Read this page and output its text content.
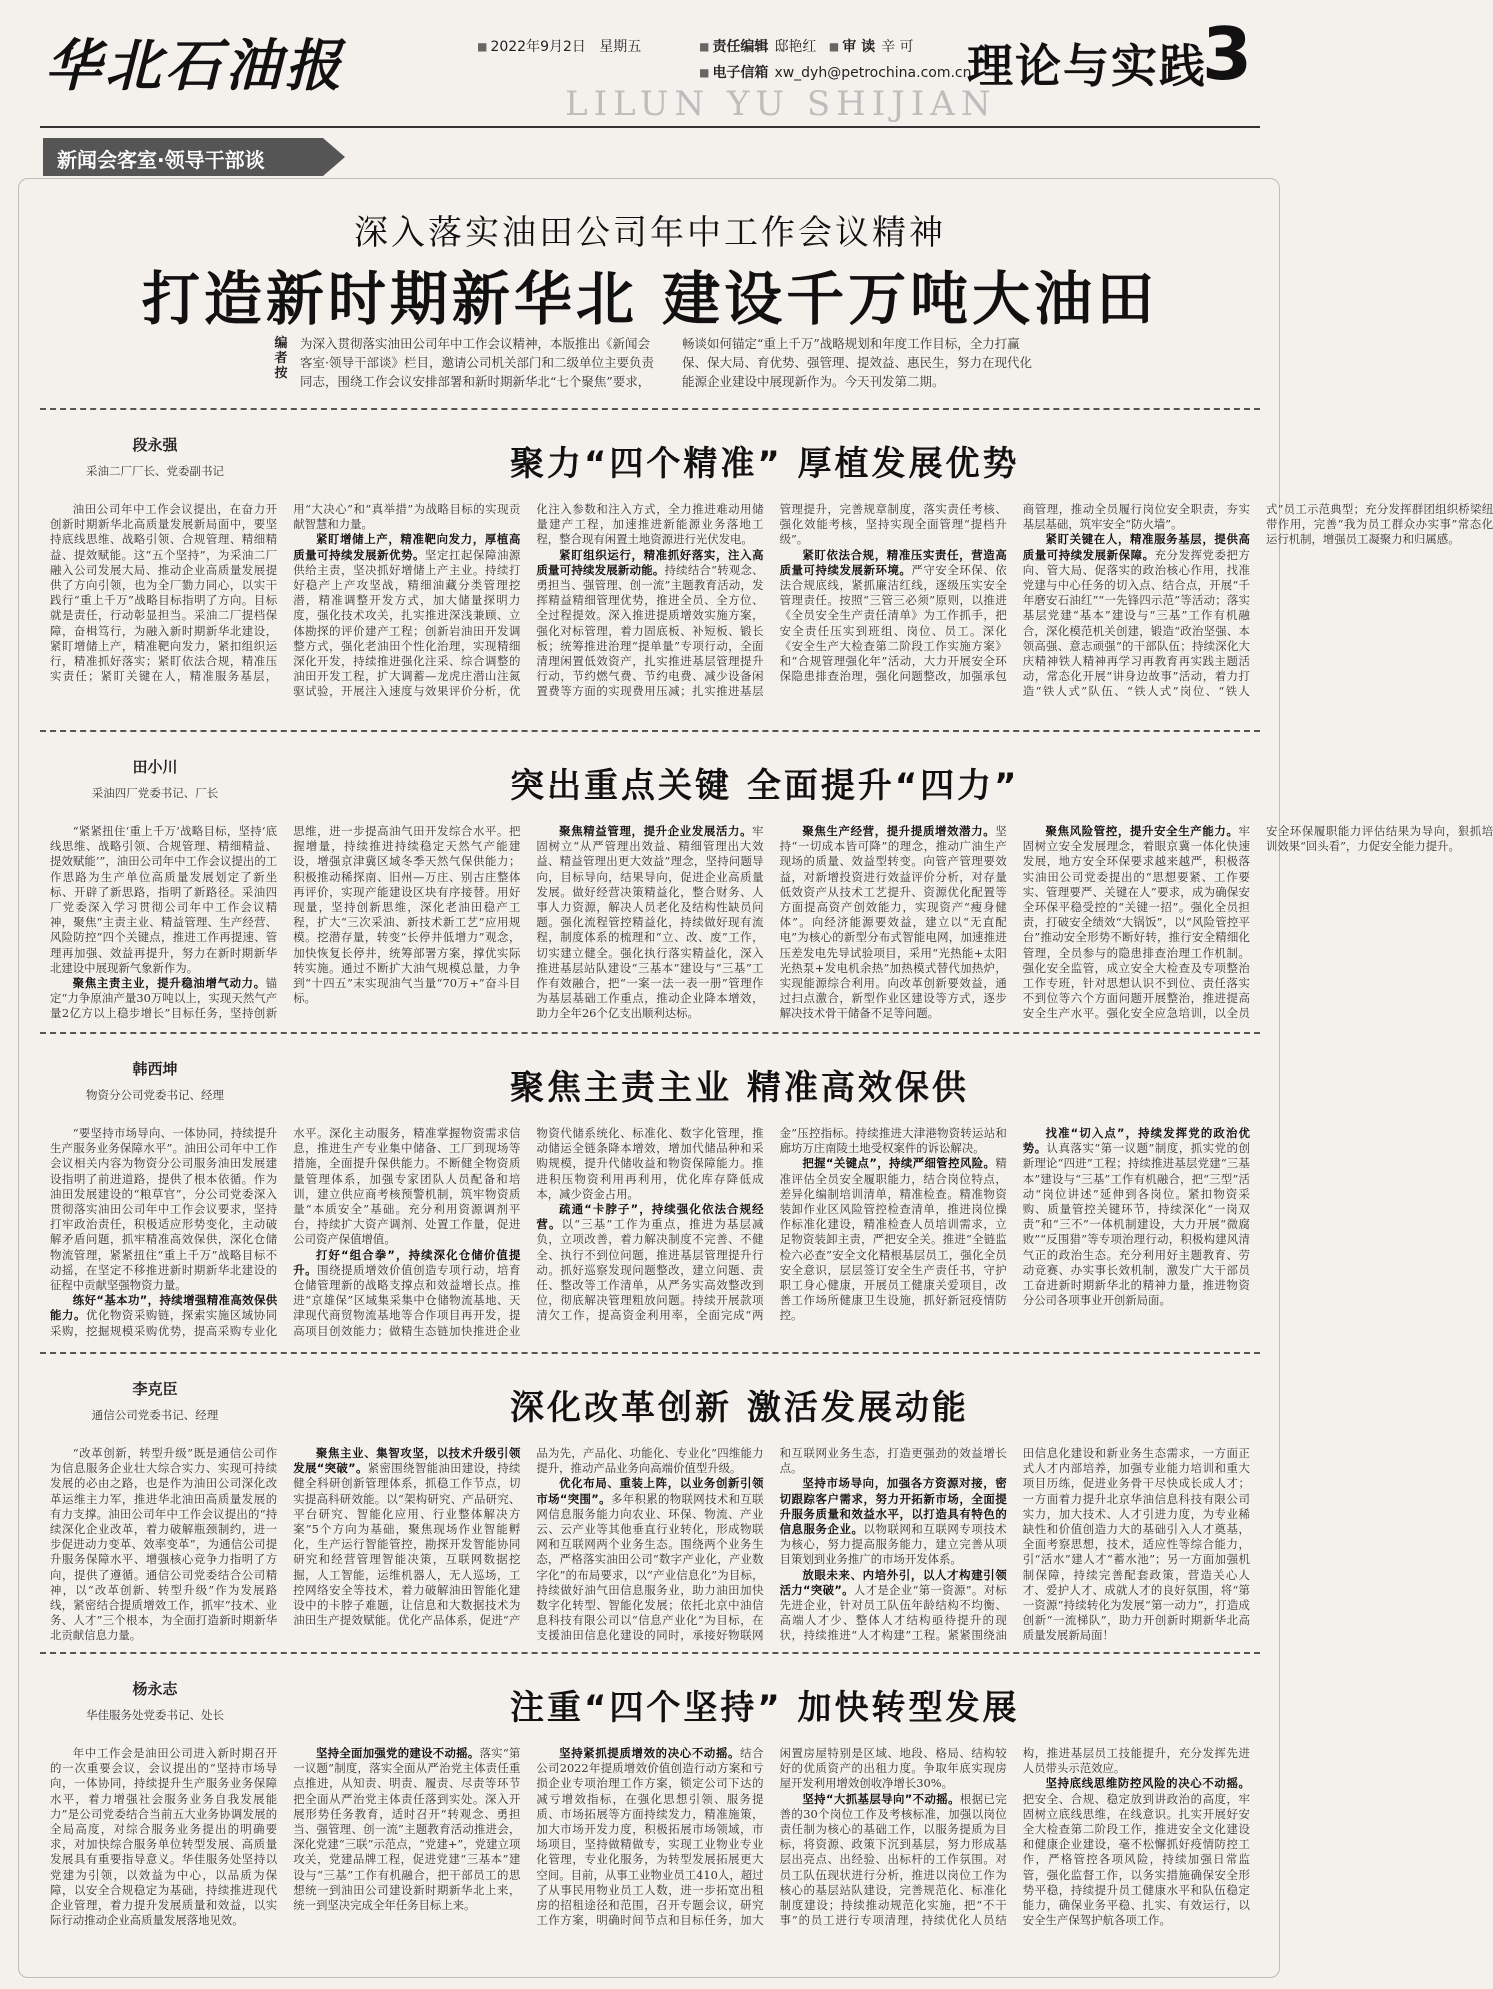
华北石油报	■ 2022年9月2日 星期五	■ 责任编辑 邸艳红 ■ 审 读 辛 可
■ 电子信箱 xw_dyh@petrochina.com.cn
理论与实践
3
LILUN YU SHIJIAN
新闻会客室·领导干部谈
深入落实油田公司年中工作会议精神
打造新时期新华北 建设千万吨大油田
编者按
为深入贯彻落实油田公司年中工作会议精神，本版推出《新闻会客室·领导干部谈》栏目，邀请公司机关部门和二级单位主要负责同志，围绕工作会议安排部署和新时期新华北“七个聚焦”要求，畅谈如何锚定“重上千万”战略规划和年度工作目标，全力打赢保、保大局、育优势、强管理、提效益、惠民生，努力在现代化能源企业建设中展现新作为。今天刊发第二期。
段永强
采油二厂厂长、党委副书记	聚力“四个精准” 厚植发展优势

油田公司年中工作会议提出，在奋力开创新时期新华北高质量发展新局面中，要坚持底线思维、战略引领、合规管理、精细精益、提效赋能。这“五个坚持”，为采油二厂融入公司发展大局、推动企业高质量发展提供了方向引领，也为全厂勠力同心，以实干践行“重上千万”战略目标指明了方向。目标就是责任，行动彰显担当。采油二厂提档保障，奋楫笃行，为融入新时期新华北建设，紧盯增储上产，精准靶向发力，紧扣组织运行，精准抓好落实；紧盯依法合规，精准压实责任；紧盯关键在人，精准服务基层，用“大决心”和“真举措”为战略目标的实现贡献智慧和力量。

紧盯增储上产，精准靶向发力，厚植高质量可持续发展新优势。坚定扛起保障油源供给主责，坚决抓好增储上产主业。持续打好稳产上产攻坚战，精细油藏分类管理挖潜，精准调整开发方式，加大储量探明力度，强化技术攻关，扎实推进深浅兼顾、立体勘探的评价建产工程；创新岩油田开发调整方式，强化老油田个性化治理，实现精细深化开发，持续推进强化注采、综合调整的油田开发工程，扩大调蓄—龙虎庄潜山注氮驱试验，开展注入速度与效果评价分析，优化注入参数和注入方式，全力推进难动用储量建产工程，加速推进新能源业务落地工程，整合现有闲置土地资源进行光伏发电。

紧盯组织运行，精准抓好落实，注入高质量可持续发展新动能。持续结合“转观念、勇担当、强管理、创一流”主题教育活动，发挥精益精细管理优势，推进全员、全方位、全过程提效。深入推进提质增效实施方案，强化对标管理，着力固底板、补短板、锻长板；统筹推进治理“提单量”专项行动，全面清理闲置低效资产，扎实推进基层管理提升行动，节约燃气费、节约电费、减少设备闲置费等方面的实现费用压减；扎实推进基层管理提升，完善规章制度，落实责任考核、强化效能考核，坚持实现全面管理“提档升级”。

紧盯依法合规，精准压实责任，营造高质量可持续发展新环境。严守安全环保、依法合规底线，紧抓廉洁红线，逐级压实安全管理责任。按照“三管三必须”原则，以推进《全员安全生产责任清单》为工作抓手，把安全责任压实到班组、岗位、员工。深化《安全生产大检查第二阶段工作实施方案》和“合规管理强化年”活动，大力开展安全环保隐患排查治理，强化问题整改，加强承包商管理，推动全员履行岗位安全职责，夯实基层基础，筑牢安全“防火墙”。

紧盯关键在人，精准服务基层，提供高质量可持续发展新保障。充分发挥党委把方向、管大局、促落实的政治核心作用，找准党建与中心任务的切入点、结合点，开展“千年磨安石油红”“一先锋四示范”等活动；落实基层党建“基本”建设与“三基”工作有机融合，深化模范机关创建，锻造“政治坚强、本领高强、意志顽强”的干部队伍；持续深化大庆精神铁人精神再学习再教育再实践主题活动，常态化开展“讲身边故事”活动，着力打造“铁人式”队伍、“铁人式”岗位、“铁人式”员工示范典型；充分发挥群团组织桥梁纽带作用，完善“我为员工群众办实事”常态化运行机制，增强员工凝聚力和归属感。

田小川
采油四厂党委书记、厂长	突出重点关键 全面提升“四力”

“紧紧扭住‘重上千万’战略目标，坚持‘底线思维、战略引领、合规管理、精细精益、提效赋能’”，油田公司年中工作会议提出的工作思路为生产单位高质量发展划定了新坐标、开辟了新思路，指明了新路径。采油四厂党委深入学习贯彻公司年中工作会议精神，聚焦“主责主业、精益管理、生产经营、风险防控”四个关键点，推进工作再提速、管理再加强、效益再提升，努力在新时期新华北建设中展现新气象新作为。

聚焦主责主业，提升稳油增气动力。锚定“力争原油产量30万吨以上，实现天然气产量2亿方以上稳步增长”目标任务，坚持创新思维，进一步提高油气田开发综合水平。把握增量，持续推进持续稳定天然气产能建设，增强京津冀区域冬季天然气保供能力；积极推动稀探南、旧州—万庄、别古庄整体再评价，实现产能建设区块有序接替。用好现量，坚持创新思维，深化老油田稳产工程，扩大“三次采油、新技术新工艺”应用规模。挖潜存量，转变“长停井低增力”观念，加快恢复长停井，统筹部署方案，撑优实际转实施。通过不断扩大油气规模总量，力争到“十四五”末实现油气当量“70万+”奋斗目标。

聚焦精益管理，提升企业发展活力。牢固树立“从严管理出效益、精细管理出大效益、精益管理出更大效益”理念，坚持问题导向，目标导向，结果导向，促进企业高质量发展。做好经营决策精益化，整合财务、人事人力资源，解决人员老化及结构性缺员问题。强化流程管控精益化，持续做好现有流程，制度体系的梳理和“立、改、废”工作，切实建立健全。强化执行落实精益化，深入推进基层站队建设“三基本”建设与“三基”工作有效融合，把“一案一法一表一册”管理作为基层基础工作重点，推动企业降本增效，助力全年26个亿支出顺利达标。

聚焦生产经营，提升提质增效潜力。坚持“一切成本皆可降”的理念，推动广油生产现场的质量、效益型转变。向管产管理要效益，对新增投资进行效益评价分析，对存量低效资产从技术工艺提升、资源优化配置等方面提高资产创效能力，实现资产“瘦身健体”。向经济能源要效益，建立以“无直配电”为核心的新型分布式智能电网，加速推进压差发电先导试验项目，采用“光热能+太阳光热泵+发电机余热”加热模式替代加热炉，实现能源综合利用。向改革创新要效益，通过扫点激合，新型作业区建设等方式，逐步解决技术骨干储备不足等问题。

聚焦风险管控，提升安全生产能力。牢固树立安全发展理念，着眼京冀一体化快速发展，地方安全环保要求越来越严，积极落实油田公司党委提出的“思想要紧、工作要实、管理要严、关键在人”要求，成为确保安全环保平稳受控的“关键一招”。强化全员担责，打破安全绩效“大锅饭”，以“风险管控平台”推动安全形势不断好转，推行安全精细化管理，全员参与的隐患排查治理工作机制。强化安全监管，成立安全大检查及专项整治工作专班，针对思想认识不到位、责任落实不到位等六个方面问题开展整治，推进提高安全生产水平。强化安全应急培训，以全员安全环保履职能力评估结果为导向，狠抓培训效果“回头看”，力促安全能力提升。

韩西坤
物资分公司党委书记、经理	聚焦主责主业 精准高效保供

“要坚持市场导向、一体协同，持续提升生产服务业务保障水平”。油田公司年中工作会议相关内容为物资分公司服务油田发展建设指明了前进道路，提供了根本依循。作为油田发展建设的“粮草官”，分公司党委深入贯彻落实油田公司年中工作会议要求，坚持打牢政治责任，积极适应形势变化，主动破解矛盾问题，抓牢精准高效保供，深化仓储物流管理，紧紧扭住“重上千万”战略目标不动摇，在坚定不移推进新时期新华北建设的征程中贡献坚强物资力量。

练好“基本功”，持续增强精准高效保供能力。优化物资采购链，探索实施区域协同采购，挖掘规模采购优势，提高采购专业化水平。深化主动服务，精准掌握物资需求信息，推进生产专业集中储备、工厂到现场等措施，全面提升保供能力。不断健全物资质量管理体系，加强专家团队人员配备和培训，建立供应商考核预警机制，筑牢物资质量“本质安全”基础。充分利用资源调剂平台，持续扩大资产调剂、处置工作量，促进公司资产保值增值。

打好“组合拳”，持续深化仓储价值提升。围绕提质增效价值创造专项行动，培育仓储管理新的战略支撑点和效益增长点。推进“京雄保”区域集采集中仓储物流基地、天津现代商贸物流基地等合作项目再开发，提高项目创效能力；做精生态链加快推进企业物资代储系统化、标准化、数字化管理，推动储运全链条降本增效，增加代储品种和采购规模，提升代储收益和物资保障能力。推进积压物资利用再利用，优化库存降低成本，减少资金占用。

疏通“卡脖子”，持续强化依法合规经营。以“三基”工作为重点，推进为基层减负，立项改善，着力解决制度不完善、不健全、执行不到位问题，推进基层管理提升行动。抓好巡察发现问题整改，建立问题、责任、整改等工作清单，从严务实高效整改到位，彻底解决管理粗放问题。持续开展款项清欠工作，提高资金利用率，全面完成“两金”压控指标。持续推进大津港物资转运站和廊坊万庄南陵土地受权案件的诉讼解决。

把握“关键点”，持续严细管控风险。精准评估全员安全履职能力，结合岗位特点，差异化编制培训清单，精准检查。精准物资装卸作业区风险管控检查清单，推进岗位操作标准化建设，精准检查人员培训需求，立足物资装卸主责，严把安全关。推进“全链监检六必查”安全文化精根基层员工，强化全员安全意识，层层签订安全生产责任书，守护职工身心健康，开展员工健康关爱项目，改善工作场所健康卫生设施，抓好新冠疫情防控。

找准“切入点”，持续发挥党的政治优势。认真落实“第一议题”制度，抓实党的创新理论“四进”工程；持续推进基层党建“三基本”建设与“三基”工作有机融合，把“三型”活动“岗位讲述”延伸到各岗位。紧扣物资采购、质量管控关键环节，持续深化“一岗双责”和“三不”一体机制建设，大力开展“微腐败”“反围猎”等专项治理行动，积极构建风清气正的政治生态。充分利用好主题教育、劳动竞赛、办实事长效机制，激发广大干部员工奋进新时期新华北的精神力量，推进物资分公司各项事业开创新局面。

李克臣
通信公司党委书记、经理	深化改革创新 激活发展动能

“改革创新，转型升级”既是通信公司作为信息服务企业壮大综合实力、实现可持续发展的必由之路，也是作为油田公司深化改革运维主力军，推进华北油田高质量发展的有力支撑。油田公司年中工作会议提出的“持续深化企业改革，着力破解瓶颈制约，进一步促进动力变革、效率变革”，为通信公司提升服务保障水平、增强核心竞争力指明了方向，提供了遵循。通信公司党委结合公司精神，以“改革创新、转型升级”作为发展路线，紧密结合提质增效工作，抓牢“技术、业务、人才”三个根本，为全面打造新时期新华北贡献信息力量。

聚焦主业、集智攻坚，以技术升级引领发展“突破”。紧密围绕智能油田建设，持续健全科研创新管理体系，抓稳工作节点，切实提高科研效能。以“架构研究、产品研究、平台研究、智能化应用、行业整体解决方案”5个方向为基础，聚焦现场作业智能孵化，生产运行智能管控，勘探开发智能协同研究和经营管理智能决策，互联网数据挖掘，人工智能，运维机器人，无人巡场，工控网络安全等技术，着力破解油田智能化建设中的卡脖子难题，让信息和大数据技术为油田生产提效赋能。优化产品体系，促进“产品为先，产品化、功能化、专业化”四维能力提升，推动产品业务向高端价值型升级。

优化布局、重装上阵，以业务创新引领市场“突围”。多年积累的物联网技术和互联网信息服务能力向农业、环保、物流、产业云、云产业等其他垂直行业转化，形成物联网和互联网两个业务生态。围绕两个业务生态，严格落实油田公司“数字产业化，产业数字化”的布局要求，以“产业信息化”为目标，持续做好油气田信息服务业，助力油田加快数字化转型、智能化发展；依托北京中油信息科技有限公司以“信息产业化”为目标，在支援油田信息化建设的同时，承接好物联网和互联网业务生态，打造更强劲的效益增长点。

坚持市场导向，加强各方资源对接，密切跟踪客户需求，努力开拓新市场，全面提升服务质量和效益水平，以打造具有特色的信息服务企业。以物联网和互联网专项技术为核心，努力提高服务能力，建立完善从项目策划到业务推广的市场开发体系。

放眼未来、内培外引，以人才构建引领活力“突破”。人才是企业“第一资源”。对标先进企业，针对员工队伍年龄结构不均衡、高端人才少、整体人才结构亟待提升的现状，持续推进“人才构建”工程。紧紧围绕油田信息化建设和新业务生态需求，一方面正式人才内部培养，加强专业能力培训和重大项目历练，促进业务骨干尽快成长成人才；一方面着力提升北京华油信息科技有限公司实力，加大技术、人才引进力度，为专业稀缺性和价值创造力大的基础引入人才奠基，全面考察思想，技术，适应性等综合能力，引“活水”建人才“蓄水池”；另一方面加强机制保障，持续完善配套政策，营造关心人才、爱护人才、成就人才的良好氛围，将“第一资源”持续转化为发展“第一动力”，打造成创新“一流梯队”，助力开创新时期新华北高质量发展新局面！

杨永志
华佳服务处党委书记、处长	注重“四个坚持” 加快转型发展

年中工作会是油田公司进入新时期召开的一次重要会议，会议提出的“坚持市场导向，一体协同，持续提升生产服务业务保障水平，着力增强社会服务业务自我发展能力”是公司党委结合当前五大业务协调发展的全局高度，对综合服务业务提出的明确要求，对加快综合服务单位转型发展、高质量发展具有重要指导意义。华佳服务处坚持以党建为引领，以效益为中心，以品质为保障，以安全合规稳定为基础，持续推进现代企业管理，着力提升发展质量和效益，以实际行动推动企业高质量发展落地见效。

坚持全面加强党的建设不动摇。落实“第一议题”制度，落实全面从严治党主体责任重点推进，从知责、明责、履责、尽责等环节把全面从严治党主体责任落到实处。深入开展形势任务教育，适时召开“转观念、勇担当、强管理、创一流”主题教育活动推进会，深化党建“三联”示范点，“党建+”，党建立项攻关，党建品牌工程，促进党建“三基本”建设与“三基”工作有机融合，把干部员工的思想统一到油田公司建设新时期新华北上来，统一到坚决完成全年任务目标上来。

坚持紧抓提质增效的决心不动摇。结合公司2022年提质增效价值创造行动方案和亏损企业专项治理工作方案，锁定公司下达的减亏增效指标，在强化思想引领、服务提质、市场拓展等方面持续发力，精准施策，加大市场开发力度，积极拓展市场领域，市场项目，坚持做精做专，实现工业物业专业化管理，专业化服务，为转型发展拓展更大空间。目前，从事工业物业员工410人，超过了从事民用物业员工人数，进一步拓宽出租房的招租途径和范围，召开专题会议，研究工作方案，明确时间节点和目标任务，加大闲置房屋特别是区域、地段、格局、结构较好的优质资产的出租力度。争取年底实现房屋开发利用增效创收净增长30%。

坚持“大抓基层导向”不动摇。根据已完善的30个岗位工作及考核标准，加强以岗位责任制为核心的基础工作，以服务提质为目标，将资源、政策下沉到基层，努力形成基层出亮点、出经验、出标杆的工作氛围。对员工队伍现状进行分析，推进以岗位工作为核心的基层站队建设，完善规范化、标准化制度建设；持续推动规范化实施，把“不干事”的员工进行专项清理，持续优化人员结构，推进基层员工技能提升，充分发挥先进人员带头示范效应。

坚持底线思维防控风险的决心不动摇。把安全、合规、稳定放到讲政治的高度，牢固树立底线思维，在线意识。扎实开展好安全大检查第二阶段工作，推进安全文化建设和健康企业建设，毫不松懈抓好疫情防控工作，严格管控各项风险，持续加强日常监管，强化监督工作，以务实措施确保安全形势平稳，持续提升员工健康水平和队伍稳定能力，确保业务平稳、扎实、有效运行，以安全生产保驾护航各项工作。
